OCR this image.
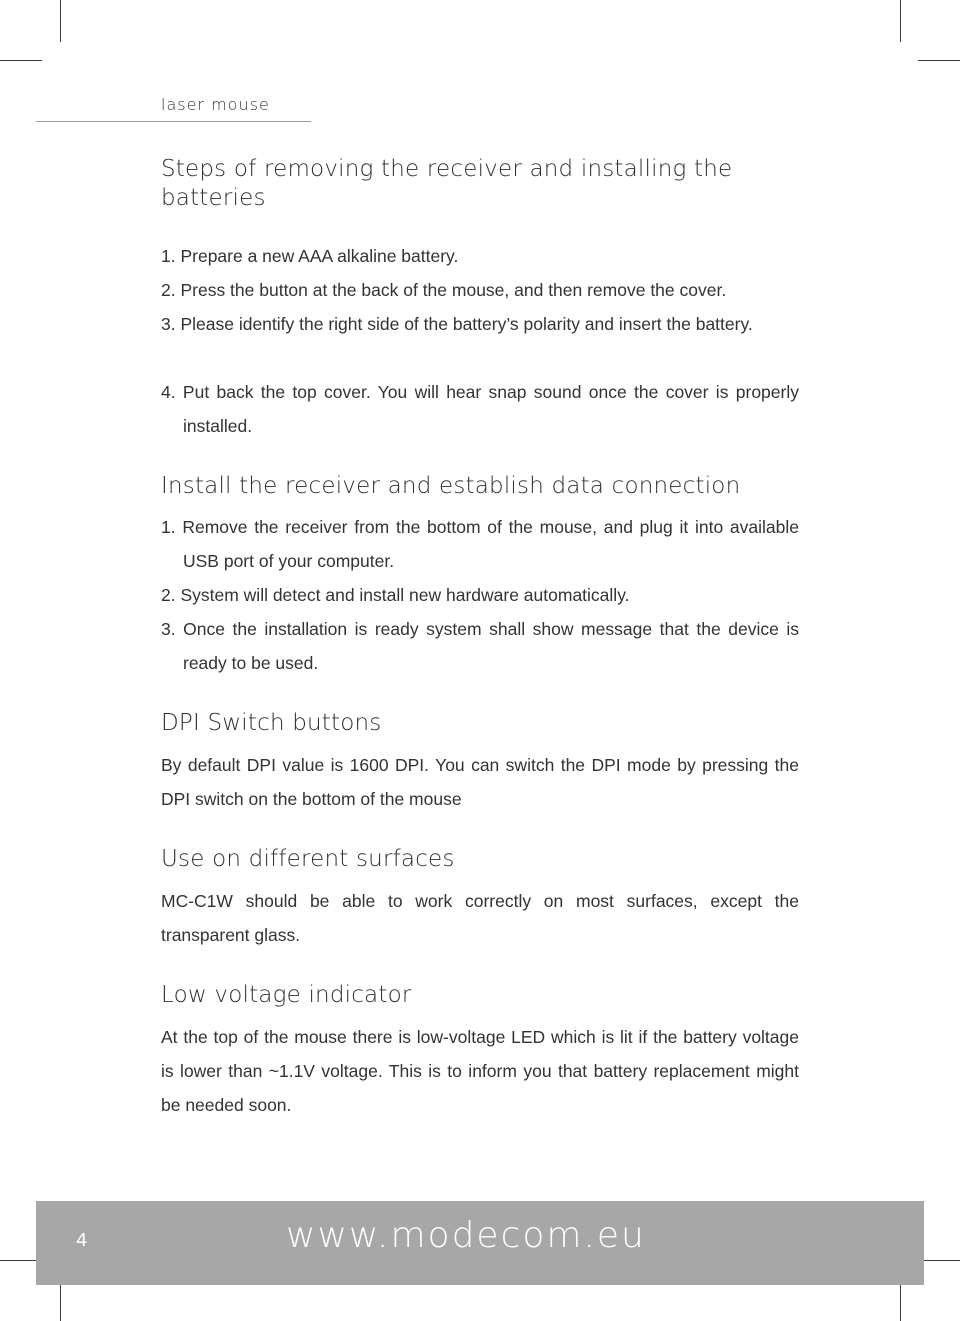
laser mouse
Steps of removing the receiver and installing the batteries
1. Prepare a new AAA alkaline battery.
2. Press the button at the back of the mouse, and then remove the cover.
3. Please identify the right side of the battery’s polarity and insert the battery.
4. Put back the top cover. You will hear snap sound once the cover is properly installed.
Install the receiver and establish data connection
1. Remove the receiver from the bottom of the mouse, and plug it into available USB port of your computer.
2. System will detect and install new hardware automatically.
3. Once the installation is ready system shall show message that the device is ready to be used.
DPI Switch buttons
By default DPI value is 1600 DPI. You can switch the DPI mode by pressing the DPI switch on the bottom of the mouse
Use on different surfaces
MC-C1W should be able to work correctly on most surfaces, except the transparent glass.
Low voltage indicator
At the top of the mouse there is low-voltage LED which is lit if the battery voltage is lower than ~1.1V voltage. This is to inform you that battery replacement might be needed soon.
4	www.modecom.eu
